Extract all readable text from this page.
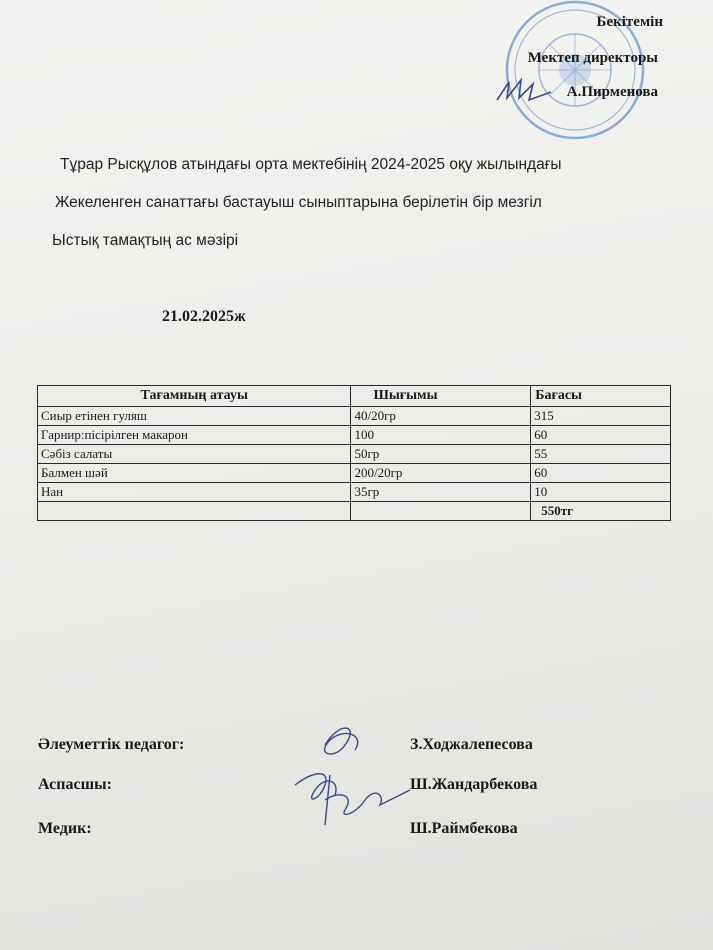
Бекітемін
Мектеп директоры
А.Пирменова
Тұрар Рысқұлов атындағы орта мектебінің 2024-2025 оқу жылындағы
Жекеленген санаттағы бастауыш сыныптарына берілетін бір мезгіл
Ыстық тамақтың ас мәзірі
21.02.2025ж
Тағамның атауы	Шығымы	Бағасы
Сиыр етінен гуляш	40/20гр	315
Гарнир:пісірілген макарон	100	60
Сәбіз салаты	50гр	55
Балмен шәй	200/20гр	60
Нан	35гр	10
		550тг
Әлеуметтік педагог:	З.Ходжалепесова
Аспасшы:	Ш.Жандарбекова
Медик:	Ш.Раймбекова
